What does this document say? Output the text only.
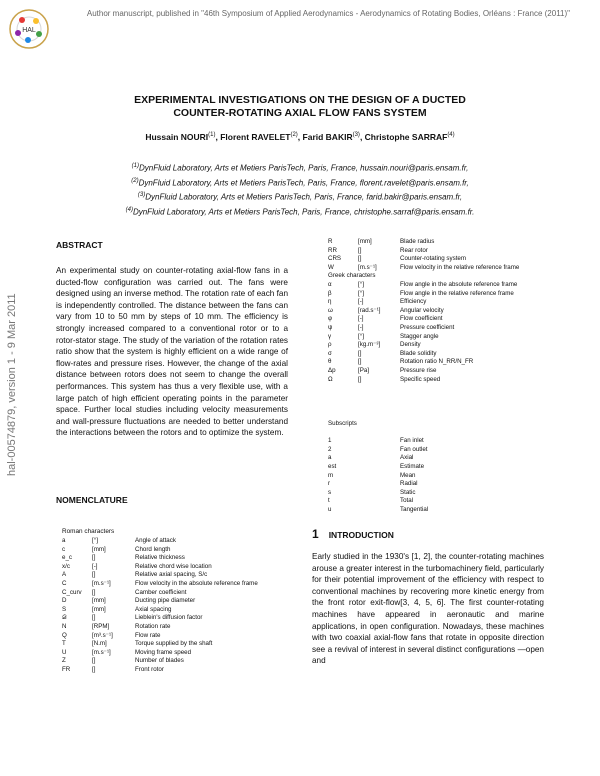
HAL
Author manuscript, published in "46th Symposium of Applied Aerodynamics - Aerodynamics of Rotating Bodies, Orléans : France (2011)"
hal-00574879, version 1 - 9 Mar 2011
EXPERIMENTAL INVESTIGATIONS ON THE DESIGN OF A DUCTED
COUNTER-ROTATING AXIAL FLOW FANS SYSTEM
Hussain NOURI$^{(1)}$, Florent RAVELET$^{(2)}$, Farid BAKIR$^{(3)}$, Christophe SARRAF$^{(4)}$
$^{(1)}$DynFluid Laboratory, Arts et Metiers ParisTech, Paris, France, hussain.nouri@paris.ensam.fr,
$^{(2)}$DynFluid Laboratory, Arts et Metiers ParisTech, Paris, France, florent.ravelet@paris.ensam.fr,
$^{(3)}$DynFluid Laboratory, Arts et Metiers ParisTech, Paris, France, farid.bakir@paris.ensam.fr,
$^{(4)}$DynFluid Laboratory, Arts et Metiers ParisTech, Paris, France, christophe.sarraf@paris.ensam.fr.
ABSTRACT
An experimental study on counter-rotating axial-flow fans in a ducted-flow configuration was carried out. The fans were designed using an inverse method. The rotation rate of each fan is independently controlled. The distance between the fans can vary from 10 to 50 mm by steps of 10 mm. The efficiency is strongly increased compared to a conventional rotor or to a rotor-stator stage. The study of the variation of the rotation rates ratio show that the system is highly efficient on a wide range of flow-rates and pressure rises. However, the change of the axial distance between rotors does not seem to change the overall performances. This system has thus a very flexible use, with a large patch of high efficient operating points in the parameter space. Further local studies including velocity measurements and wall-pressure fluctuations are needed to better understand the interactions between the rotors and to optimize the system.
NOMENCLATURE
Roman characters
a	[°]	Angle of attack
c	[mm]	Chord length
e_c	[]	Relative thickness
x/c	[-]	Relative chord wise location
A	[]	Relative axial spacing, S/c
C	[m.s⁻¹]	Flow velocity in the absolute reference frame
C_curv	[]	Camber coefficient
D	[mm]	Ducting pipe diameter
S	[mm]	Axial spacing
𝒟	[]	Lieblein's diffusion factor
N	[RPM]	Rotation rate
Q	[m³.s⁻¹]	Flow rate
T	[N.m]	Torque supplied by the shaft
U	[m.s⁻¹]	Moving frame speed
Z	[]	Number of blades
FR	[]	Front rotor
R	[mm]	Blade radius
RR	[]	Rear rotor
CRS	[]	Counter-rotating system
W	[m.s⁻¹]	Flow velocity in the relative reference frame
Greek characters		
α	[°]	Flow angle in the absolute reference frame
β	[°]	Flow angle in the relative reference frame
η	[-]	Efficiency
ω	[rad.s⁻¹]	Angular velocity
φ	[-]	Flow coefficient
ψ	[-]	Pressure coefficient
γ	[°]	Stagger angle
ρ	[kg.m⁻³]	Density
σ	[]	Blade solidity
θ	[]	Rotation ratio N_RR/N_FR
Δp	[Pa]	Pressure rise
Ω	[]	Specific speed
Subscripts	

1	Fan inlet
2	Fan outlet
a	Axial
est	Estimate
m	Mean
r	Radial
s	Static
t	Total
u	Tangential
1 INTRODUCTION
Early studied in the 1930's [1, 2], the counter-rotating machines arouse a greater interest in the turbomachinery field, particularly for their potential improvement of the efficiency with respect to conventional machines by recovering more kinetic energy from the front rotor exit-flow[3, 4, 5, 6]. The first counter-rotating machines have appeared in aeronautic and marine applications, in open configuration. Nowadays, these machines with two coaxial axial-flow fans that rotate in opposite direction see a revival of interest in several distinct configurations —open and
